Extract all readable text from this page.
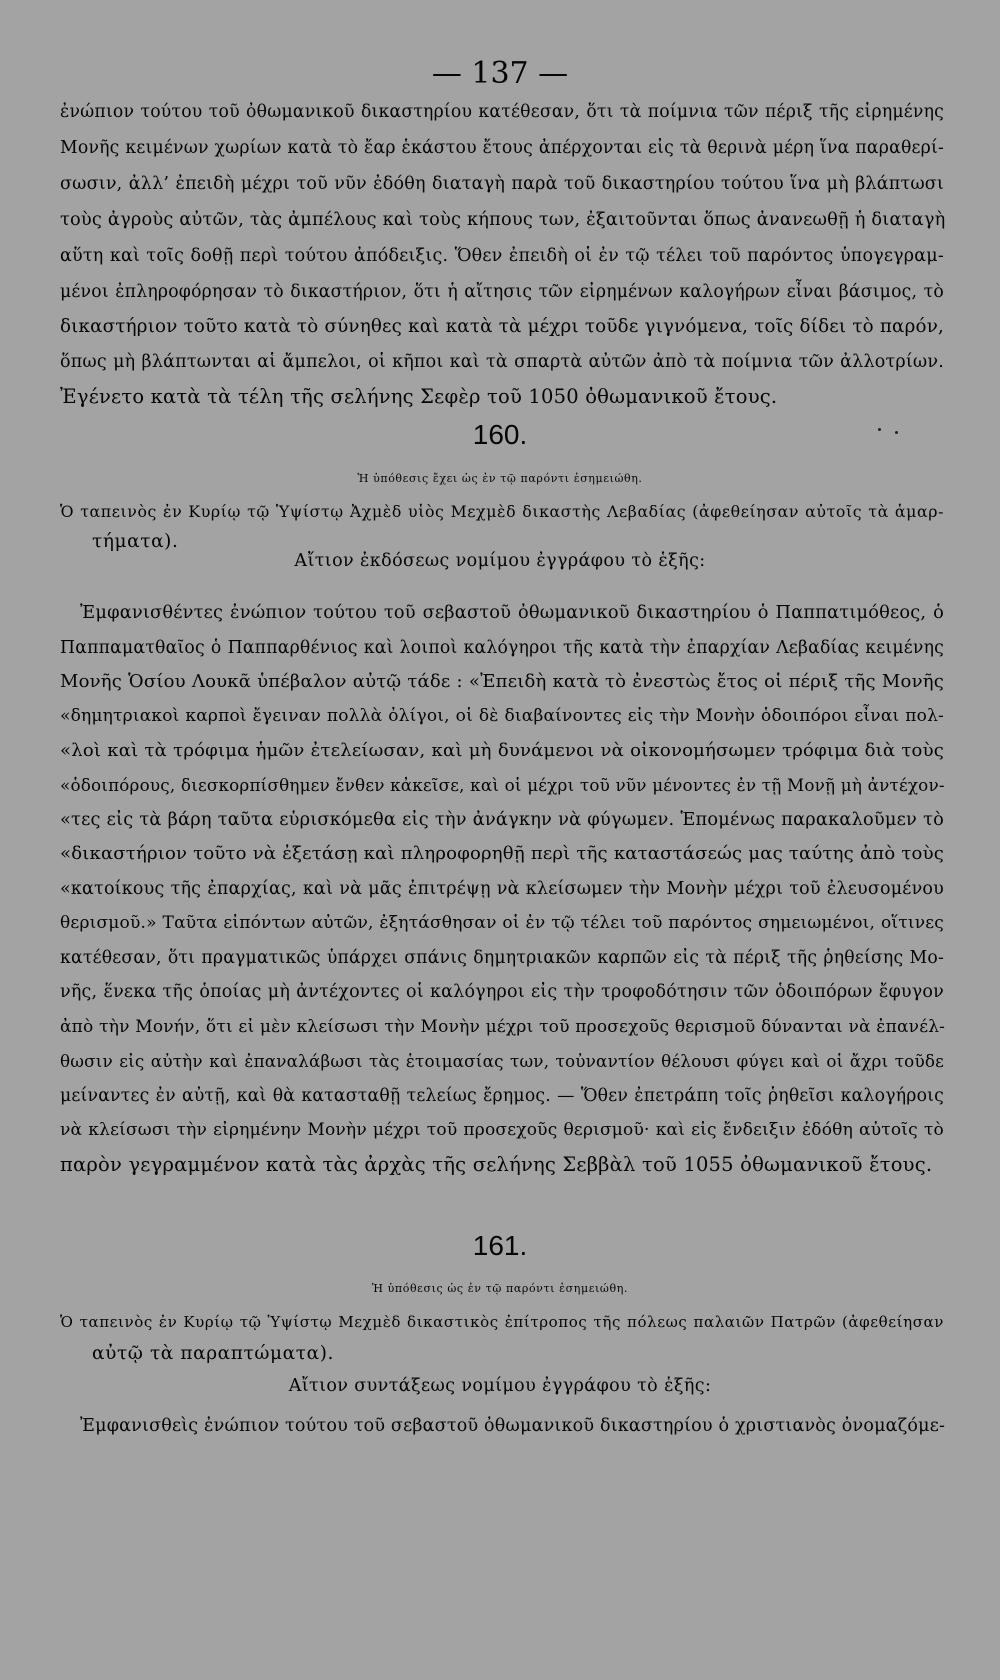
— 137 —

ἐνώπιον τούτου τοῦ ὀθωμανικοῦ δικαστηρίου κατέθεσαν, ὅτι τὰ ποίμνια τῶν πέριξ τῆς εἰρημένης

Μονῆς κειμένων χωρίων κατὰ τὸ ἔαρ ἑκάστου ἔτους ἀπέρχονται εἰς τὰ θερινὰ μέρη ἵνα παραθερί-

σωσιν, ἀλλ’ ἐπειδὴ μέχρι τοῦ νῦν ἐδόθη διαταγὴ παρὰ τοῦ δικαστηρίου τούτου ἵνα μὴ βλάπτωσι

τοὺς ἀγροὺς αὐτῶν, τὰς ἀμπέλους καὶ τοὺς κήπους των, ἐξαιτοῦνται ὅπως ἀνανεωθῇ ἡ διαταγὴ

αὕτη καὶ τοῖς δοθῇ περὶ τούτου ἀπόδειξις. Ὅθεν ἐπειδὴ οἱ ἐν τῷ τέλει τοῦ παρόντος ὑπογεγραμ-

μένοι ἐπληροφόρησαν τὸ δικαστήριον, ὅτι ἡ αἴτησις τῶν εἰρημένων καλογήρων εἶναι βάσιμος, τὸ

δικαστήριον τοῦτο κατὰ τὸ σύνηθες καὶ κατὰ τὰ μέχρι τοῦδε γιγνόμενα, τοῖς δίδει τὸ παρόν,

ὅπως μὴ βλάπτωνται αἱ ἄμπελοι, οἱ κῆποι καὶ τὰ σπαρτὰ αὐτῶν ἀπὸ τὰ ποίμνια τῶν ἀλλοτρίων.

Ἐγένετο κατὰ τὰ τέλη τῆς σελήνης Σεφὲρ τοῦ 1050 ὀθωμανικοῦ ἔτους.

160.
Ἡ ὑπόθεσις ἔχει ὡς ἐν τῷ παρόντι ἐσημειώθη.

Ὁ ταπεινὸς ἐν Κυρίῳ τῷ Ὑψίστῳ Ἀχμὲδ υἱὸς Μεχμὲδ δικαστὴς Λεβαδίας (ἀφεθείησαν αὐτοῖς τὰ ἁμαρ-

τήματα).

Αἴτιον ἐκδόσεως νομίμου ἐγγράφου τὸ ἑξῆς:

Ἐμφανισθέντες ἐνώπιον τούτου τοῦ σεβαστοῦ ὀθωμανικοῦ δικαστηρίου ὁ Παππατιμόθεος, ὁ

Παππαματθαῖος ὁ Παππαρθένιος καὶ λοιποὶ καλόγηροι τῆς κατὰ τὴν ἐπαρχίαν Λεβαδίας κειμένης

Μονῆς Ὁσίου Λουκᾶ ὑπέβαλον αὐτῷ τάδε : «Ἐπειδὴ κατὰ τὸ ἐνεστὼς ἔτος οἱ πέριξ τῆς Μονῆς

«δημητριακοὶ καρποὶ ἔγειναν πολλὰ ὀλίγοι, οἱ δὲ διαβαίνοντες εἰς τὴν Μονὴν ὁδοιπόροι εἶναι πολ-

«λοὶ καὶ τὰ τρόφιμα ἡμῶν ἐτελείωσαν, καὶ μὴ δυνάμενοι νὰ οἰκονομήσωμεν τρόφιμα διὰ τοὺς

«ὁδοιπόρους, διεσκορπίσθημεν ἔνθεν κἀκεῖσε, καὶ οἱ μέχρι τοῦ νῦν μένοντες ἐν τῇ Μονῇ μὴ ἀντέχον-

«τες εἰς τὰ βάρη ταῦτα εὑρισκόμεθα εἰς τὴν ἀνάγκην νὰ φύγωμεν. Ἑπομένως παρακαλοῦμεν τὸ

«δικαστήριον τοῦτο νὰ ἐξετάσῃ καὶ πληροφορηθῇ περὶ τῆς καταστάσεώς μας ταύτης ἀπὸ τοὺς

«κατοίκους τῆς ἐπαρχίας, καὶ νὰ μᾶς ἐπιτρέψῃ νὰ κλείσωμεν τὴν Μονὴν μέχρι τοῦ ἐλευσομένου

θερισμοῦ.» Ταῦτα εἰπόντων αὐτῶν, ἐξητάσθησαν οἱ ἐν τῷ τέλει τοῦ παρόντος σημειωμένοι, οἵτινες

κατέθεσαν, ὅτι πραγματικῶς ὑπάρχει σπάνις δημητριακῶν καρπῶν εἰς τὰ πέριξ τῆς ῥηθείσης Μο-

νῆς, ἕνεκα τῆς ὁποίας μὴ ἀντέχοντες οἱ καλόγηροι εἰς τὴν τροφοδότησιν τῶν ὁδοιπόρων ἔφυγον

ἀπὸ τὴν Μονήν, ὅτι εἰ μὲν κλείσωσι τὴν Μονὴν μέχρι τοῦ προσεχοῦς θερισμοῦ δύνανται νὰ ἐπανέλ-

θωσιν εἰς αὐτὴν καὶ ἐπαναλάβωσι τὰς ἑτοιμασίας των, τοὐναντίον θέλουσι φύγει καὶ οἱ ἄχρι τοῦδε

μείναντες ἐν αὐτῇ, καὶ θὰ κατασταθῇ τελείως ἔρημος. — Ὅθεν ἐπετράπη τοῖς ῥηθεῖσι καλογήροις

νὰ κλείσωσι τὴν εἰρημένην Μονὴν μέχρι τοῦ προσεχοῦς θερισμοῦ· καὶ εἰς ἔνδειξιν ἐδόθη αὐτοῖς τὸ

παρὸν γεγραμμένον κατὰ τὰς ἀρχὰς τῆς σελήνης Σεββὰλ τοῦ 1055 ὀθωμανικοῦ ἔτους.

161.
Ἡ ὑπόθεσις ὡς ἐν τῷ παρόντι ἐσημειώθη.

Ὁ ταπεινὸς ἐν Κυρίῳ τῷ Ὑψίστῳ Μεχμὲδ δικαστικὸς ἐπίτροπος τῆς πόλεως παλαιῶν Πατρῶν (ἀφεθείησαν

αὐτῷ τὰ παραπτώματα).

Αἴτιον συντάξεως νομίμου ἐγγράφου τὸ ἑξῆς:

Ἐμφανισθεὶς ἐνώπιον τούτου τοῦ σεβαστοῦ ὀθωμανικοῦ δικαστηρίου ὁ χριστιανὸς ὀνομαζόμε-
